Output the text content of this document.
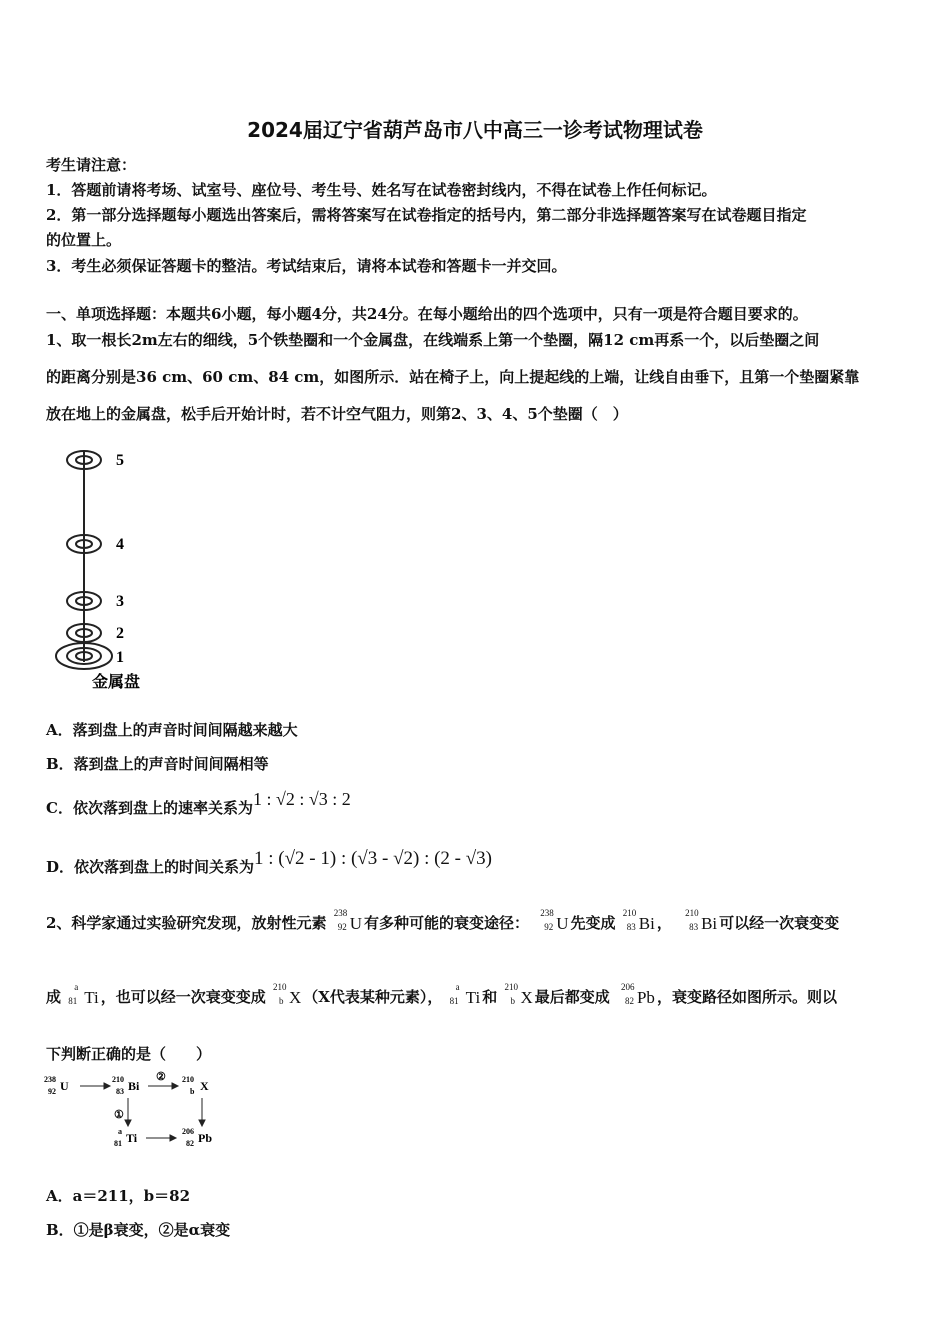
2024届辽宁省葫芦岛市八中高三一诊考试物理试卷
考生请注意：
1．答题前请将考场、试室号、座位号、考生号、姓名写在试卷密封线内，不得在试卷上作任何标记。
2．第一部分选择题每小题选出答案后，需将答案写在试卷指定的括号内，第二部分非选择题答案写在试卷题目指定
的位置上。
3．考生必须保证答题卡的整洁。考试结束后，请将本试卷和答题卡一并交回。
一、单项选择题：本题共6小题，每小题4分，共24分。在每小题给出的四个选项中，只有一项是符合题目要求的。
1、取一根长2m左右的细线，5个铁垫圈和一个金属盘，在线端系上第一个垫圈，隔12 cm再系一个，以后垫圈之间
的距离分别是36 cm、60 cm、84 cm，如图所示．站在椅子上，向上提起线的上端，让线自由垂下，且第一个垫圈紧靠
放在地上的金属盘，松手后开始计时，若不计空气阻力，则第2、3、4、5个垫圈（　）
5
4
3
2
1
金属盘
A．落到盘上的声音时间间隔越来越大
B．落到盘上的声音时间间隔相等
C．依次落到盘上的速率关系为1 : √2 : √3 : 2
D．依次落到盘上的时间关系为1 : (√2 - 1) : (√3 - √2) : (2 - √3)
2、科学家通过实验研究发现，放射性元素
238
92 U 有多种可能的衰变途径：
238
92 U 先变成
210
83 Bi ，
210
83 Bi 可以经一次衰变变
成
a
81 Ti ，也可以经一次衰变变成
210
b X （X代表某种元素），
a
81 Ti 和
210
b X 最后都变成
206
82 Pb ，衰变路径如图所示。则以
下判断正确的是（　　）
238
92 U	210
83 Bi	210
b X
a
81 Ti	206
82 Pb
②
①
A．a＝211，b＝82
B．①是β衰变，②是α衰变
